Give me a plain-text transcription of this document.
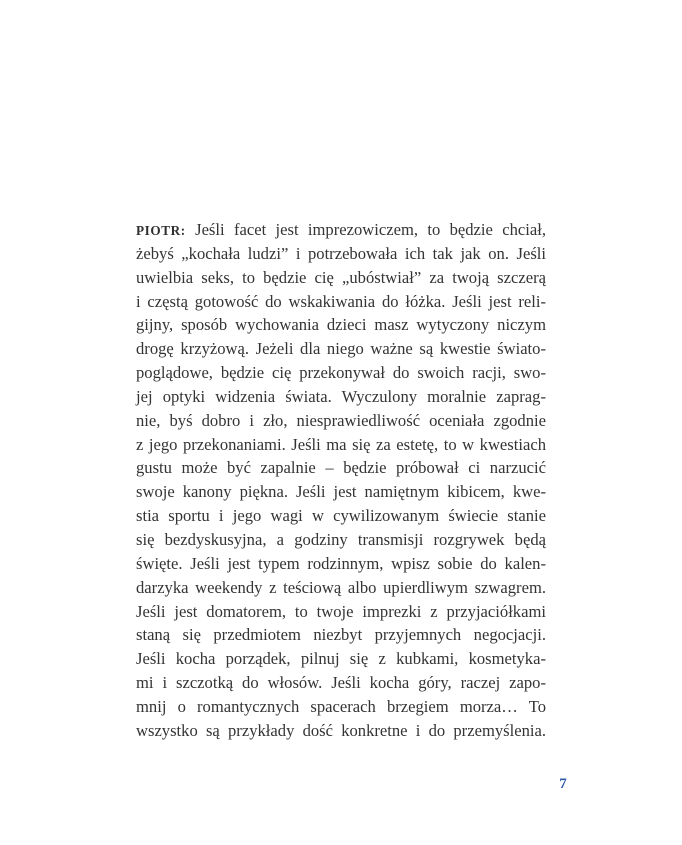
PIOTR: Jeśli facet jest imprezowiczem, to będzie chciał,
żebyś „kochała ludzi” i potrzebowała ich tak jak on. Jeśli
uwielbia seks, to będzie cię „ubóstwiał” za twoją szczerą
i częstą gotowość do wskakiwania do łóżka. Jeśli jest reli-
gijny, sposób wychowania dzieci masz wytyczony niczym
drogę krzyżową. Jeżeli dla niego ważne są kwestie świato-
poglądowe, będzie cię przekonywał do swoich racji, swo-
jej optyki widzenia świata. Wyczulony moralnie zaprag-
nie, byś dobro i zło, niesprawiedliwość oceniała zgodnie
z jego przekonaniami. Jeśli ma się za estetę, to w kwestiach
gustu może być zapalnie – będzie próbował ci narzucić
swoje kanony piękna. Jeśli jest namiętnym kibicem, kwe-
stia sportu i jego wagi w cywilizowanym świecie stanie
się bezdyskusyjna, a godziny transmisji rozgrywek będą
święte. Jeśli jest typem rodzinnym, wpisz sobie do kalen-
darzyka weekendy z teściową albo upierdliwym szwagrem.
Jeśli jest domatorem, to twoje imprezki z przyjaciółkami
staną się przedmiotem niezbyt przyjemnych negocjacji.
Jeśli kocha porządek, pilnuj się z kubkami, kosmetyka-
mi i szczotką do włosów. Jeśli kocha góry, raczej zapo-
mnij o romantycznych spacerach brzegiem morza… To
wszystko są przykłady dość konkretne i do przemyślenia.
7
